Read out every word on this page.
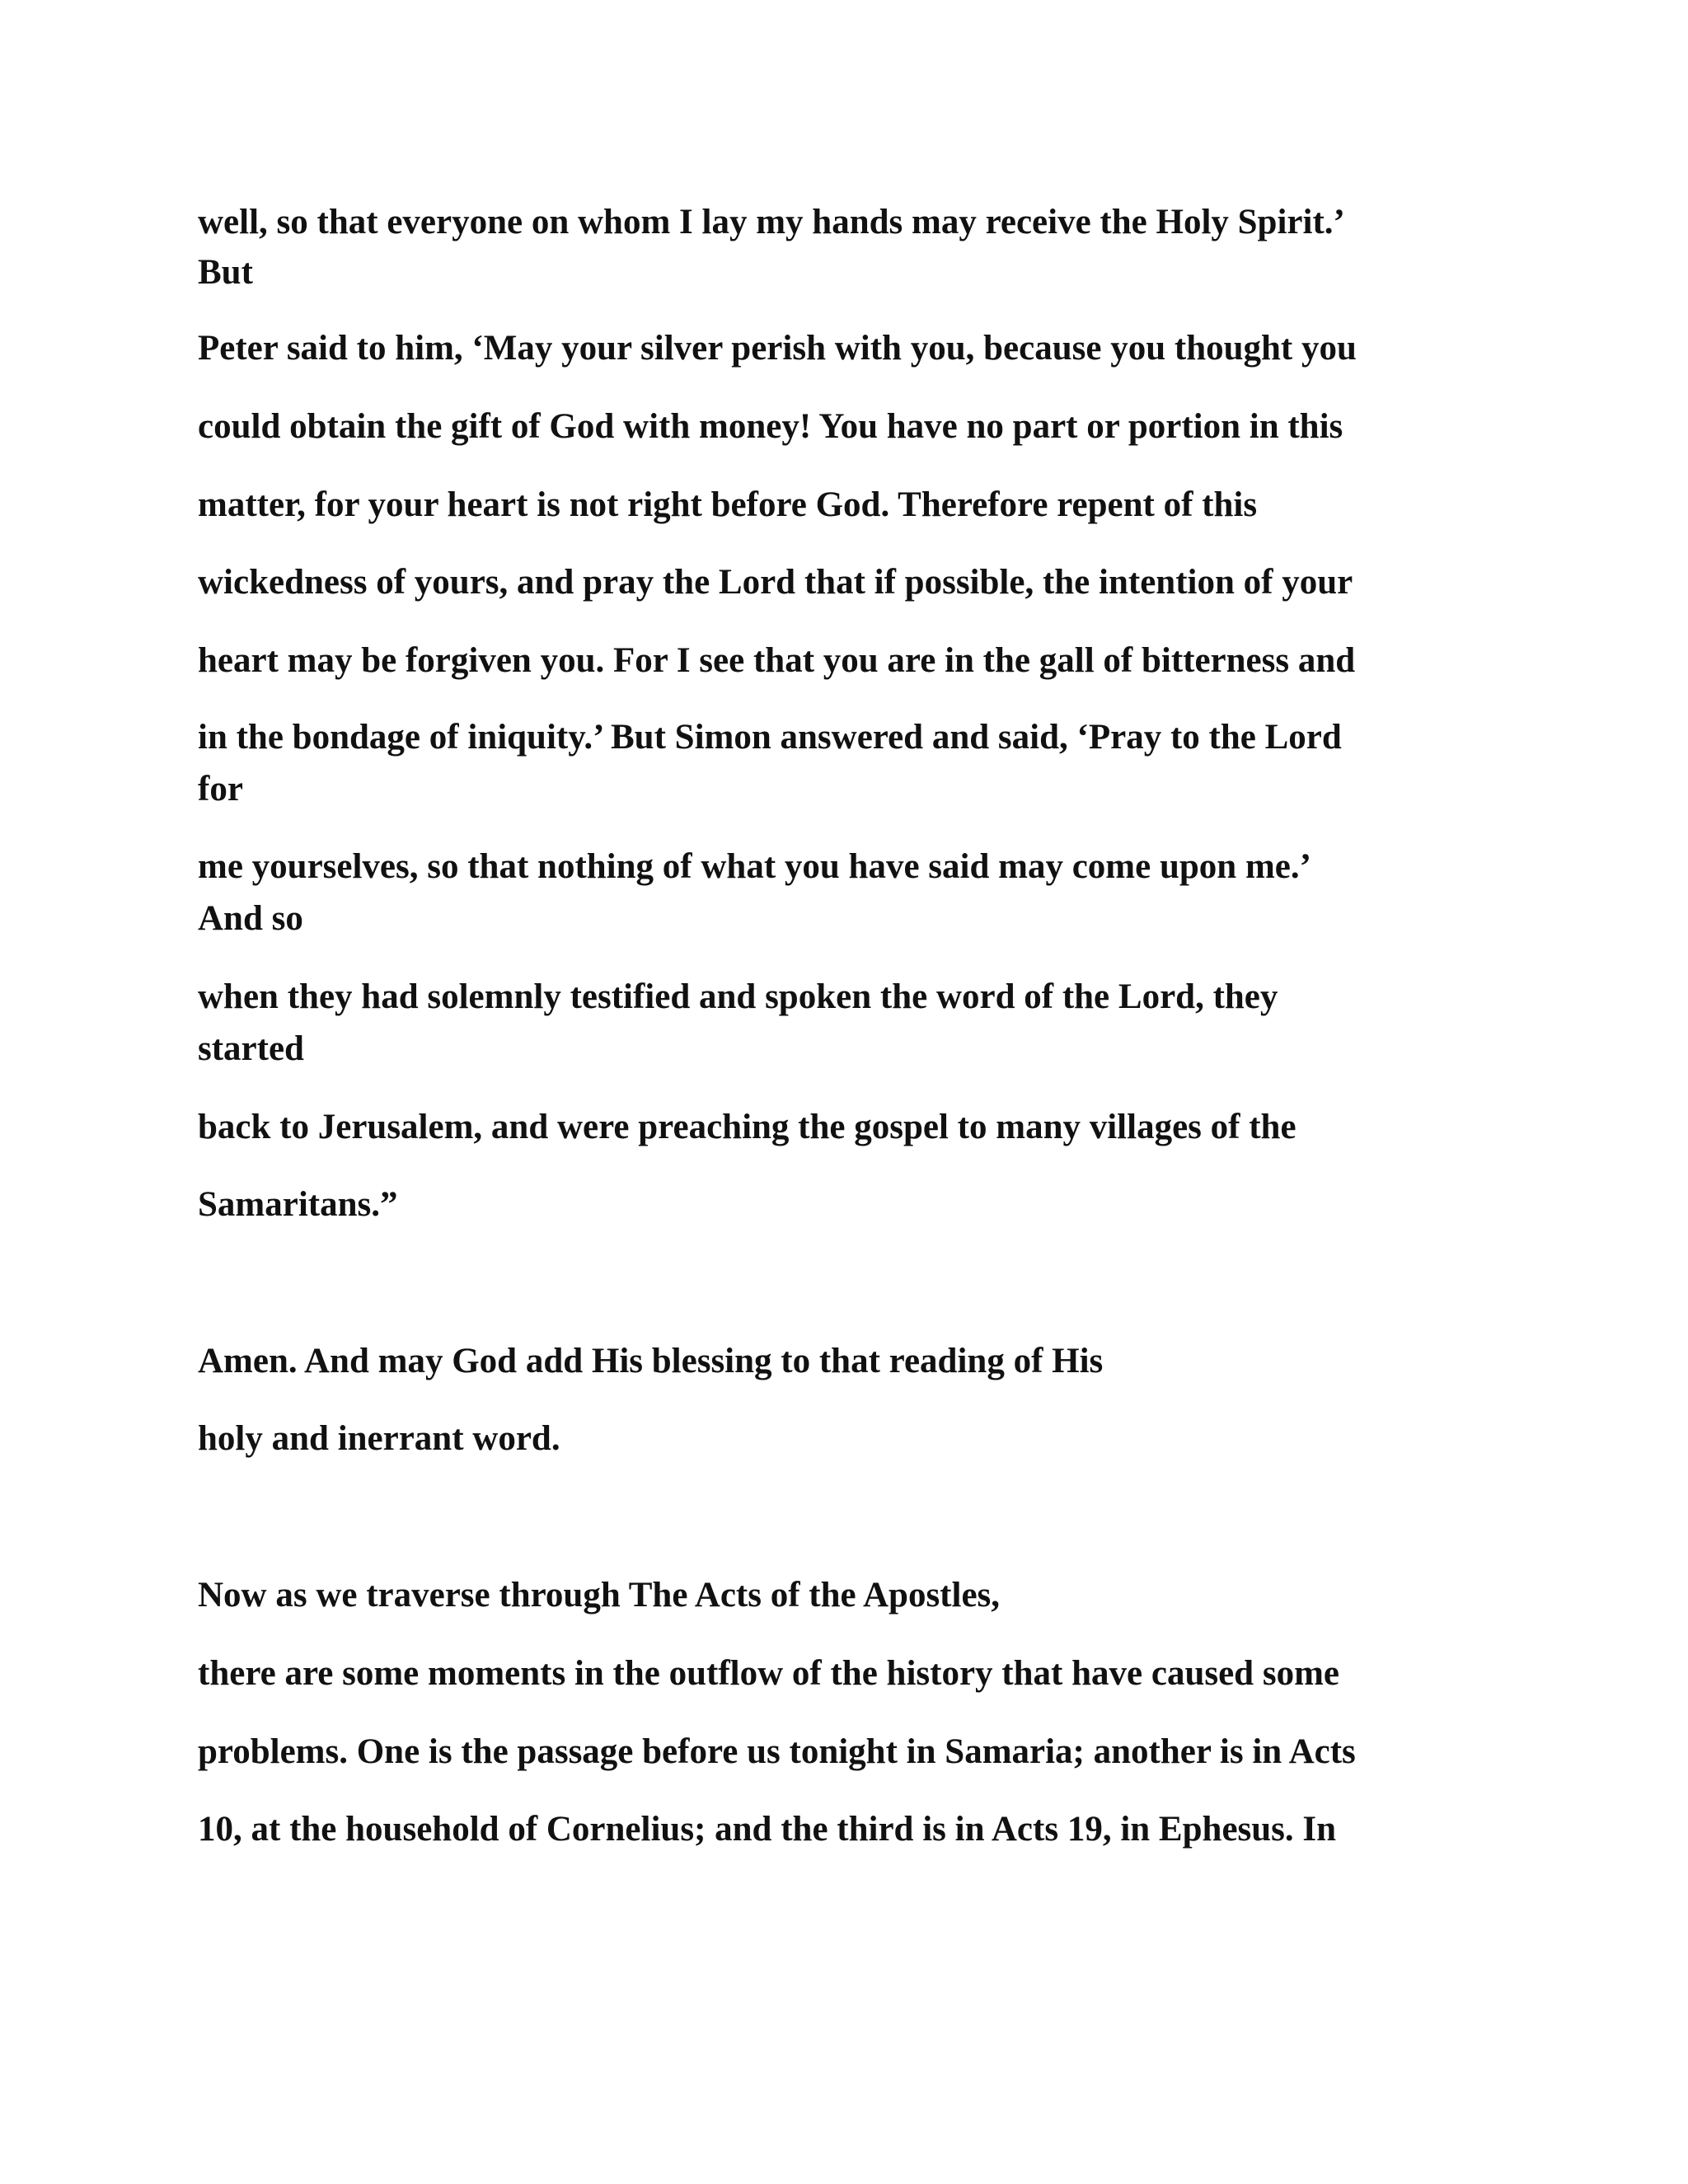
well, so that everyone on whom I lay my hands may receive the Holy Spirit.’
But
Peter said to him, ‘May your silver perish with you, because you thought you
could obtain the gift of God with money! You have no part or portion in this
matter, for your heart is not right before God. Therefore repent of this
wickedness of yours, and pray the Lord that if possible, the intention of your
heart may be forgiven you. For I see that you are in the gall of bitterness and
in the bondage of iniquity.’ But Simon answered and said, ‘Pray to the Lord
for
me yourselves, so that nothing of what you have said may come upon me.’
And so
when they had solemnly testified and spoken the word of the Lord, they
started
back to Jerusalem, and were preaching the gospel to many villages of the
Samaritans.”
Amen. And may God add His blessing to that reading of His
holy and inerrant word.
Now as we traverse through The Acts of the Apostles,
there are some moments in the outflow of the history that have caused some
problems. One is the passage before us tonight in Samaria; another is in Acts
10, at the household of Cornelius; and the third is in Acts 19, in Ephesus. In
